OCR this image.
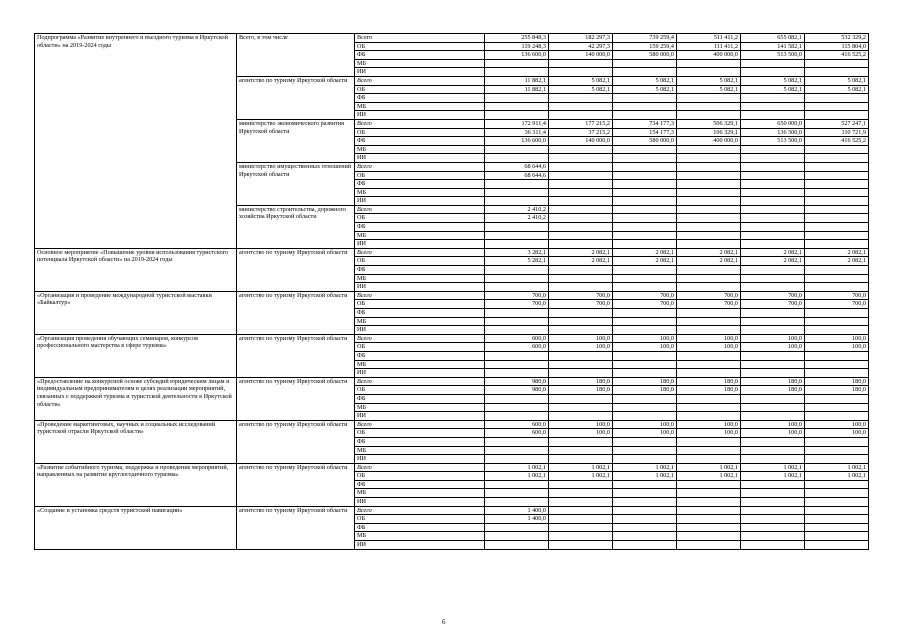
Подпрограмма «Развитие внутреннего и въездного туризма в Иркутской области» на 2019-2024 годы	Всего, в том числе	Всего	255 848,3	182 297,3	739 259,4	511 411,2	655 082,1	532 329,2
		ОБ	119 248,3	42 297,3	159 259,4	111 411,2	141 582,1	115 804,0
		ФБ	136 600,0	140 000,0	580 000,0	400 000,0	513 500,0	416 525,2
		МБ						
		ИИ						
	агентство по туризму Иркутской области	Всего	11 882,1	5 082,1	5 082,1	5 082,1	5 082,1	5 082,1
		ОБ	11 882,1	5 082,1	5 082,1	5 082,1	5 082,1	5 082,1
		ФБ						
		МБ						
		ИИ						
	министерство экономического развития Иркутской области	Всего	172 911,4	177 215,2	734 177,3	506 329,1	650 000,0	527 247,1
		ОБ	36 311,4	37 215,2	154 177,3	106 329,1	136 500,0	110 721,9
		ФБ	136 600,0	140 000,0	580 000,0	400 000,0	513 500,0	416 525,2
		МБ						
		ИИ						
	министерство имущественных отношений Иркутской области	Всего	68 644,6					
		ОБ	68 644,6					
		ФБ						
		МБ						
		ИИ						
	министерство строительства, дорожного хозяйства Иркутской области	Всего	2 410,2					
		ОБ	2 410,2					
		ФБ						
		МБ						
		ИИ						
Основное мероприятие «Повышение уровня использования туристского потенциала Иркутской области» на 2019-2024 годы	агентство по туризму Иркутской области	Всего	3 282,1	2 082,1	2 082,1	2 082,1	2 082,1	2 082,1
		ОБ	5 282,1	2 082,1	2 082,1	2 082,1	2 082,1	2 082,1
		ФБ						
		МБ						
		ИИ						
«Организация и проведение международной туристской выставки «Байкалтур»	агентство по туризму Иркутской области	Всего	700,0	700,0	700,0	700,0	700,0	700,0
		ОБ	700,0	700,0	700,0	700,0	700,0	700,0
		ФБ						
		МБ						
		ИИ						
«Организация проведения обучающих семинаров, конкурсов профессионального мастерства в сфере туризма»	агентство по туризму Иркутской области	Всего	600,0	100,0	100,0	100,0	100,0	100,0
		ОБ	600,0	100,0	100,0	100,0	100,0	100,0
		ФБ						
		МБ						
		ИИ						
«Предоставление на конкурсной основе субсидий юридическим лицам и индивидуальным предпринимателям в целях реализации мероприятий, связанных с поддержкой туризма и туристской деятельности в Иркутской области»	агентство по туризму Иркутской области	Всего	980,0	180,0	180,0	180,0	180,0	180,0
		ОБ	980,0	180,0	180,0	180,0	180,0	180,0
		ФБ						
		МБ						
		ИИ						
«Проведение маркетинговых, научных и социальных исследований туристской отрасли Иркутской области»	агентство по туризму Иркутской области	Всего	600,0	100,0	100,0	100,0	100,0	100,0
		ОБ	600,0	100,0	100,0	100,0	100,0	100,0
		ФБ						
		МБ						
		ИИ						
«Развитие событийного туризма, поддержка и проведение мероприятий, направленных на развитие круглогодичного туризма»	агентство по туризму Иркутской области	Всего	1 002,1	1 002,1	1 002,1	1 002,1	1 002,1	1 002,1
		ОБ	1 002,1	1 002,1	1 002,1	1 002,1	1 002,1	1 002,1
		ФБ						
		МБ						
		ИИ						
«Создание и установка средств туристской навигации»	агентство по туризму Иркутской области	Всего	1 400,0					
		ОБ	1 400,0					
		ФБ						
		МБ						
		ИИ						
6
